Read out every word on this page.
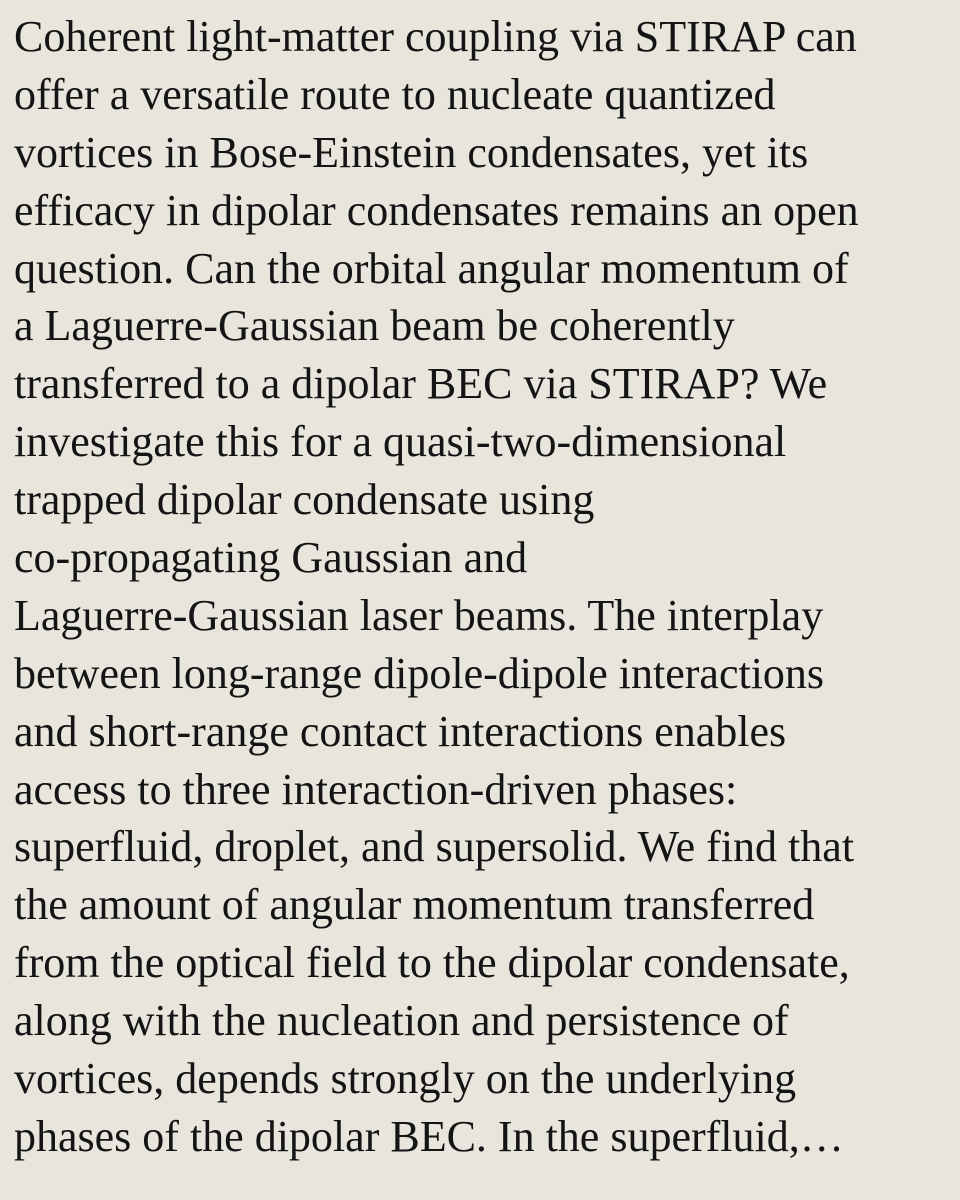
Coherent light-matter coupling via STIRAP can
offer a versatile route to nucleate quantized
vortices in Bose-Einstein condensates, yet its
efficacy in dipolar condensates remains an open
question. Can the orbital angular momentum of
a Laguerre-Gaussian beam be coherently
transferred to a dipolar BEC via STIRAP? We
investigate this for a quasi-two-dimensional
trapped dipolar condensate using
co-propagating Gaussian and
Laguerre-Gaussian laser beams. The interplay
between long-range dipole-dipole interactions
and short-range contact interactions enables
access to three interaction-driven phases:
superfluid, droplet, and supersolid. We find that
the amount of angular momentum transferred
from the optical field to the dipolar condensate,
along with the nucleation and persistence of
vortices, depends strongly on the underlying
phases of the dipolar BEC. In the superfluid,…
